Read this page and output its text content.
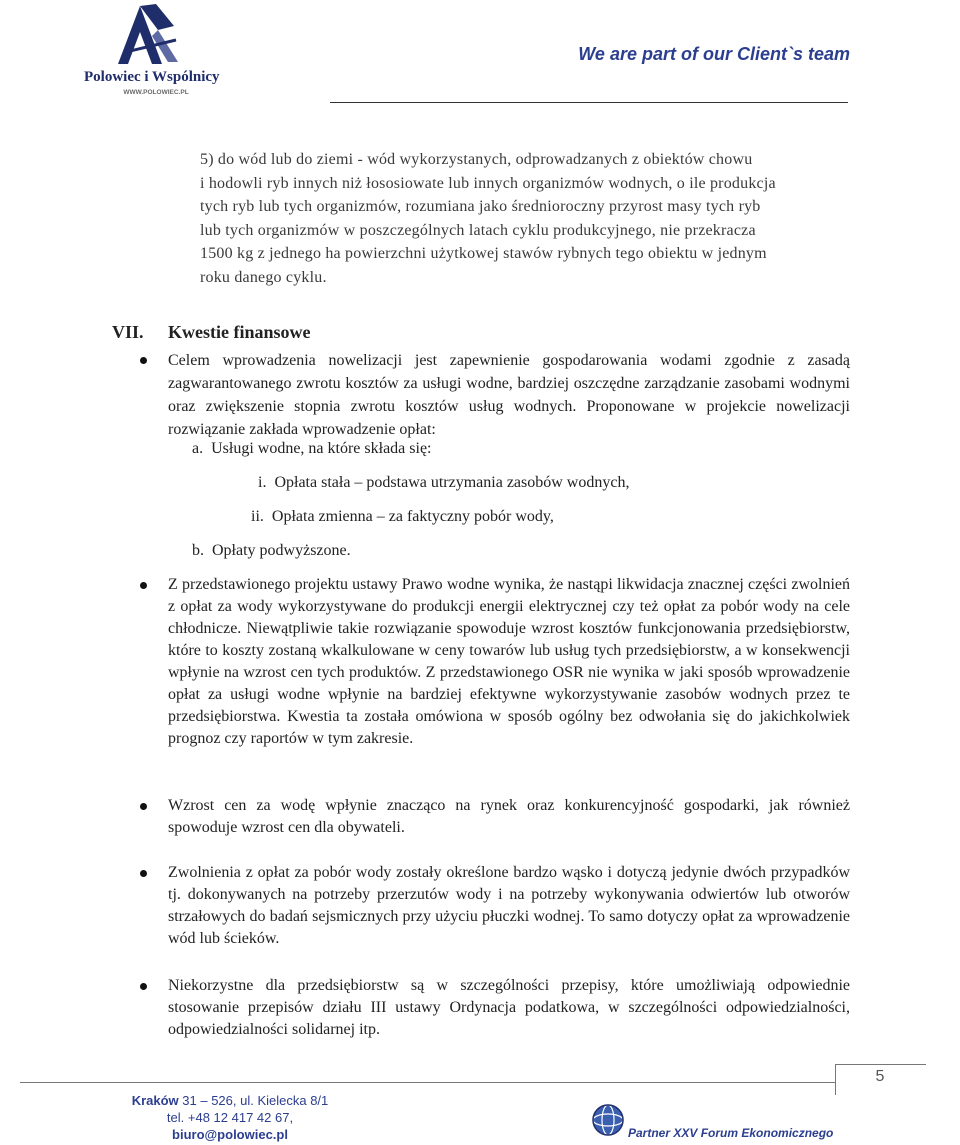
Polowiec i Wspólnicy
WWW.POLOWIEC.PL
We are part of our Client`s team
5) do wód lub do ziemi - wód wykorzystanych, odprowadzanych z obiektów chowu
i hodowli ryb innych niż łososiowate lub innych organizmów wodnych, o ile produkcja
tych ryb lub tych organizmów, rozumiana jako średnioroczny przyrost masy tych ryb
lub tych organizmów w poszczególnych latach cyklu produkcyjnego, nie przekracza
1500 kg z jednego ha powierzchni użytkowej stawów rybnych tego obiektu w jednym
roku danego cyklu.
VII. Kwestie finansowe
Celem wprowadzenia nowelizacji jest zapewnienie gospodarowania wodami zgodnie z zasadą zagwarantowanego zwrotu kosztów za usługi wodne, bardziej oszczędne zarządzanie zasobami wodnymi oraz zwiększenie stopnia zwrotu kosztów usług wodnych. Proponowane w projekcie nowelizacji rozwiązanie zakłada wprowadzenie opłat:
a.  Usługi wodne, na które składa się:
i.  Opłata stała – podstawa utrzymania zasobów wodnych,
ii.  Opłata zmienna – za faktyczny pobór wody,
b.  Opłaty podwyższone.
Z przedstawionego projektu ustawy Prawo wodne wynika, że nastąpi likwidacja znacznej części zwolnień z opłat za wody wykorzystywane do produkcji energii elektrycznej czy też opłat za pobór wody na cele chłodnicze. Niewątpliwie takie rozwiązanie spowoduje wzrost kosztów funkcjonowania przedsiębiorstw, które to koszty zostaną wkalkulowane w ceny towarów lub usług tych przedsiębiorstw, a w konsekwencji wpłynie na wzrost cen tych produktów. Z przedstawionego OSR nie wynika w jaki sposób wprowadzenie opłat za usługi wodne wpłynie na bardziej efektywne wykorzystywanie zasobów wodnych przez te przedsiębiorstwa. Kwestia ta została omówiona w sposób ogólny bez odwołania się do jakichkolwiek prognoz czy raportów w tym zakresie.
Wzrost cen za wodę wpłynie znacząco na rynek oraz konkurencyjność gospodarki, jak również spowoduje wzrost cen dla obywateli.
Zwolnienia z opłat za pobór wody zostały określone bardzo wąsko i dotyczą jedynie dwóch przypadków tj. dokonywanych na potrzeby przerzutów wody i na potrzeby wykonywania odwiertów lub otworów strzałowych do badań sejsmicznych przy użyciu płuczki wodnej. To samo dotyczy opłat za wprowadzenie wód lub ścieków.
Niekorzystne dla przedsiębiorstw są w szczególności przepisy, które umożliwiają odpowiednie stosowanie przepisów działu III ustawy Ordynacja podatkowa, w szczególności odpowiedzialności, odpowiedzialności solidarnej itp.
5
Kraków 31 – 526, ul. Kielecka 8/1
tel. +48 12 417 42 67,
biuro@polowiec.pl	Partner XXV Forum Ekonomicznego
